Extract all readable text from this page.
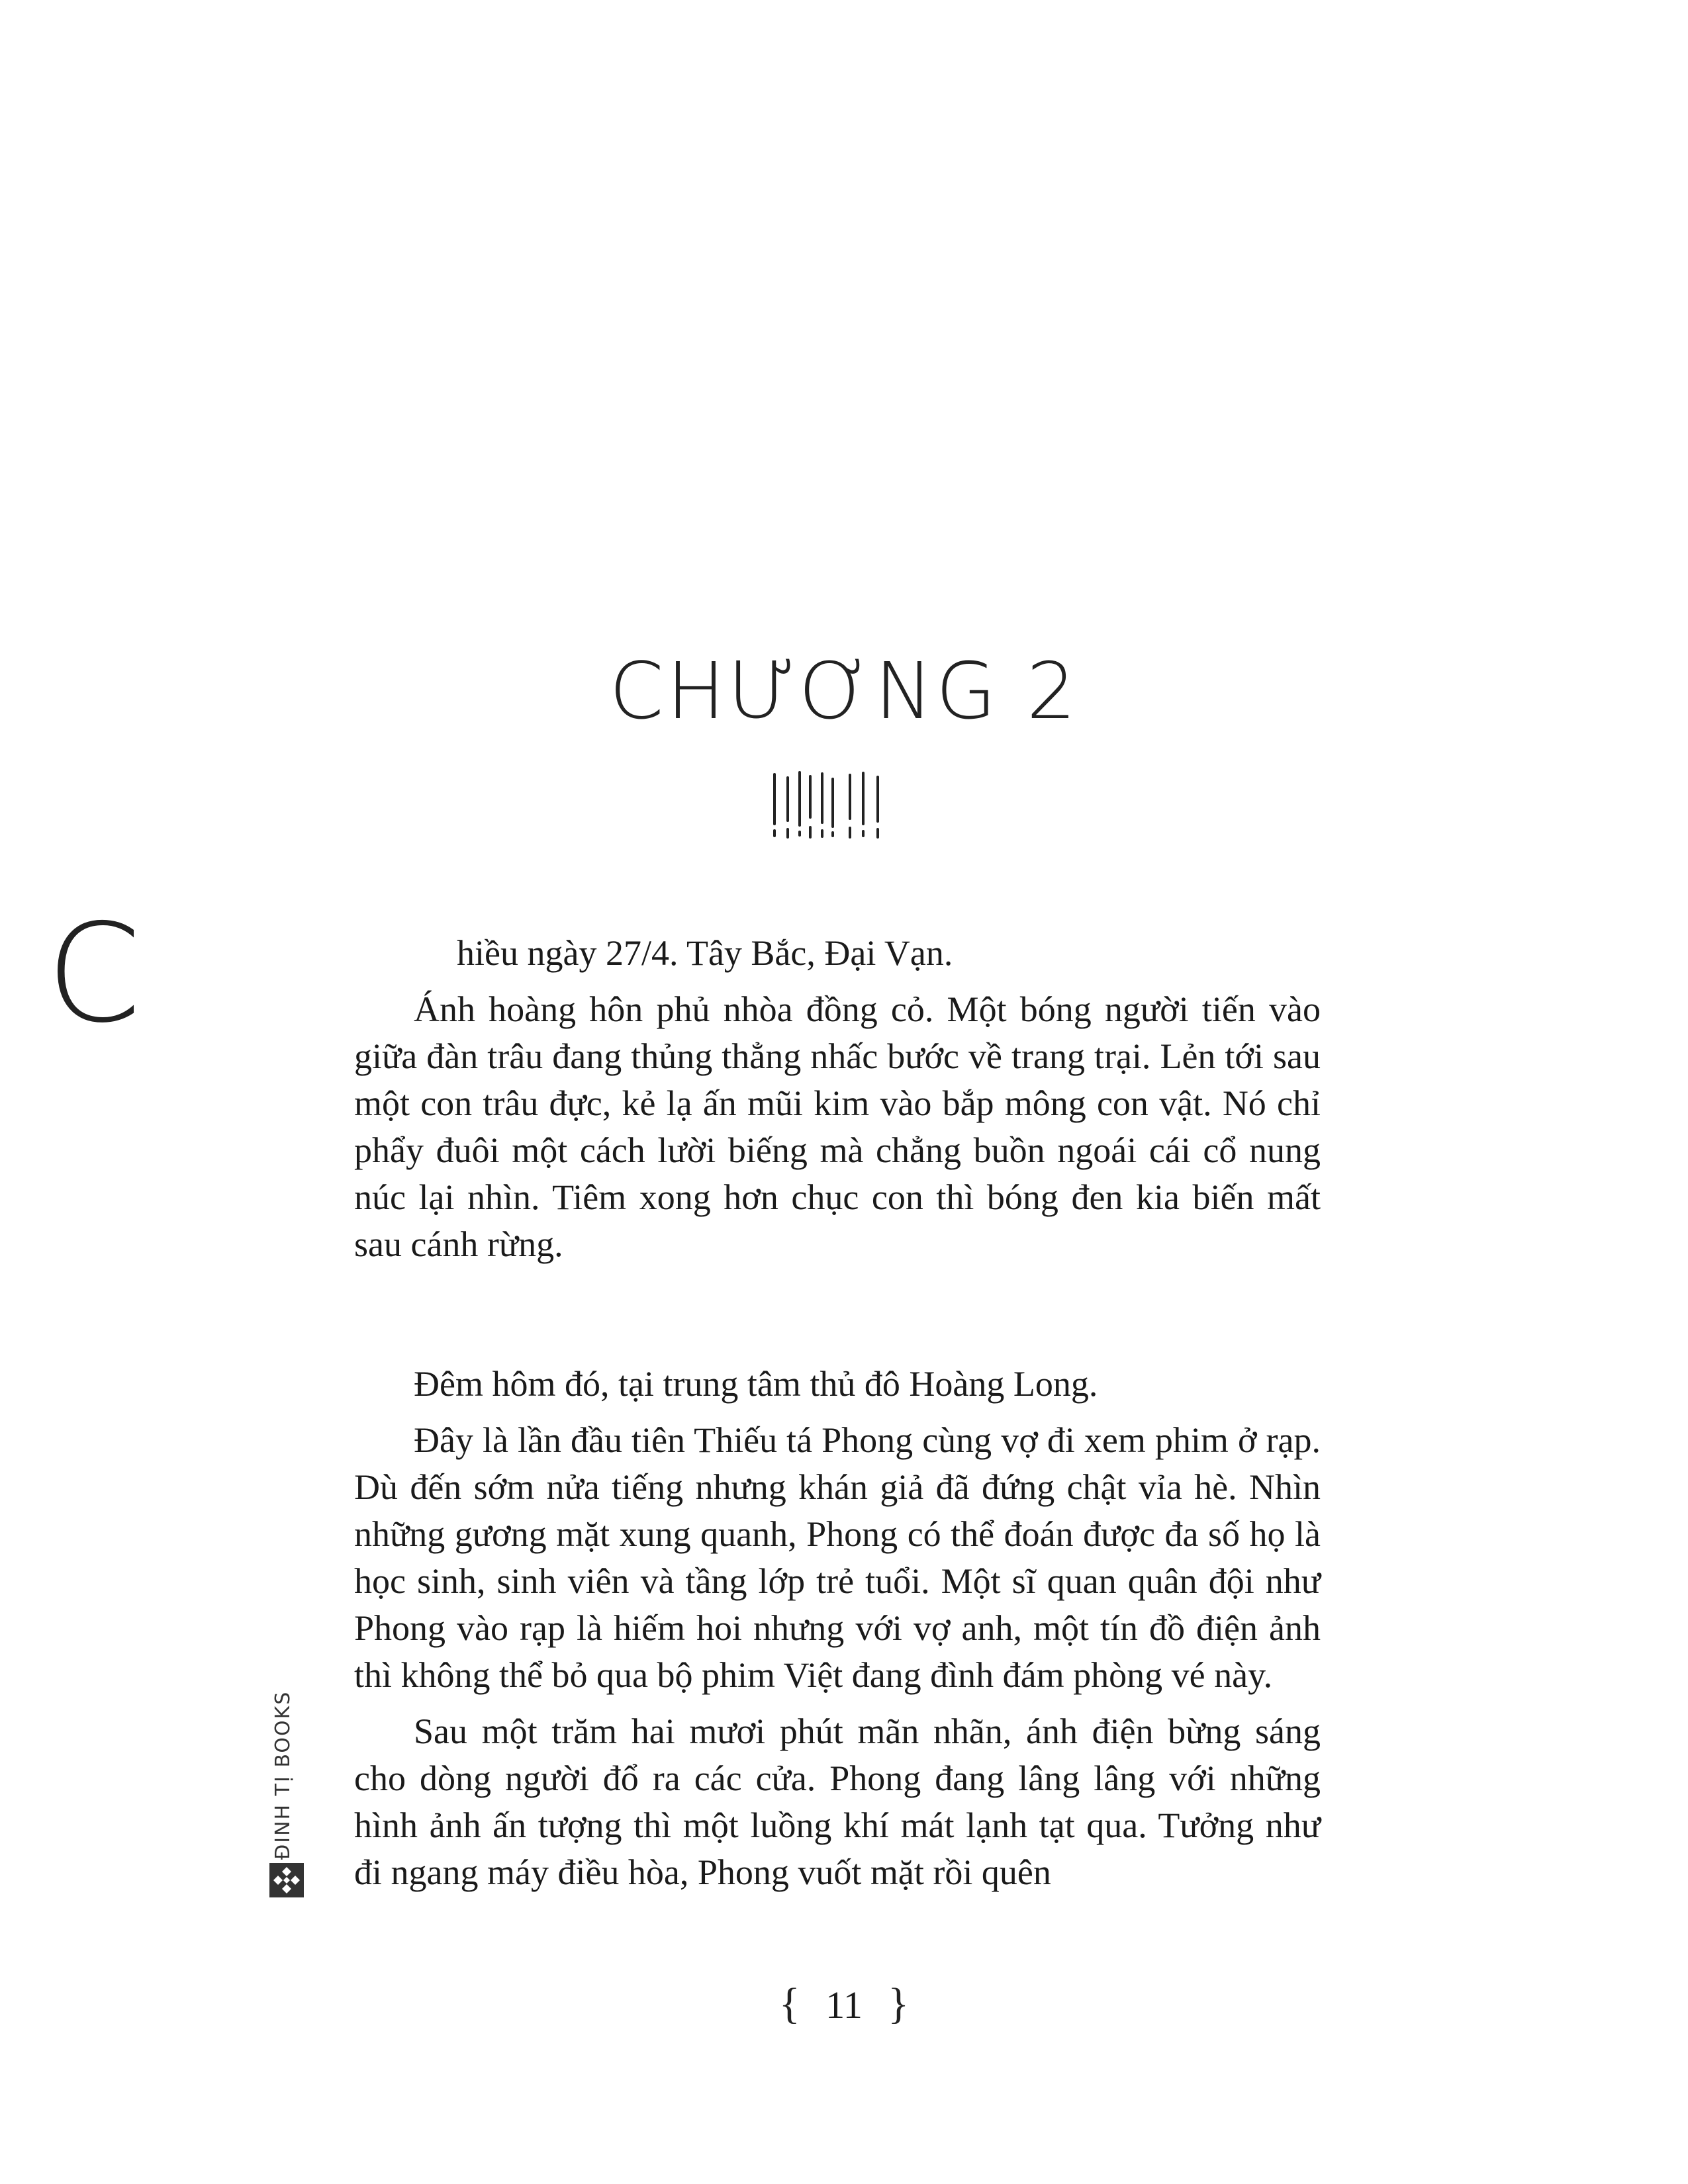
CHƯƠNG 2
C	hiều ngày 27/4. Tây Bắc, Đại Vạn.

Ánh hoàng hôn phủ nhòa đồng cỏ. Một bóng người tiến vào giữa đàn trâu đang thủng thẳng nhấc bước về trang trại. Lẻn tới sau một con trâu đực, kẻ lạ ấn mũi kim vào bắp mông con vật. Nó chỉ phẩy đuôi một cách lười biếng mà chẳng buồn ngoái cái cổ nung núc lại nhìn. Tiêm xong hơn chục con thì bóng đen kia biến mất sau cánh rừng.

Đêm hôm đó, tại trung tâm thủ đô Hoàng Long.

Đây là lần đầu tiên Thiếu tá Phong cùng vợ đi xem phim ở rạp. Dù đến sớm nửa tiếng nhưng khán giả đã đứng chật vỉa hè. Nhìn những gương mặt xung quanh, Phong có thể đoán được đa số họ là học sinh, sinh viên và tầng lớp trẻ tuổi. Một sĩ quan quân đội như Phong vào rạp là hiếm hoi nhưng với vợ anh, một tín đồ điện ảnh thì không thể bỏ qua bộ phim Việt đang đình đám phòng vé này.

Sau một trăm hai mươi phút mãn nhãn, ánh điện bừng sáng cho dòng người đổ ra các cửa. Phong đang lâng lâng với những hình ảnh ấn tượng thì một luồng khí mát lạnh tạt qua. Tưởng như đi ngang máy điều hòa, Phong vuốt mặt rồi quên

ĐINH TỊ BOOKS
{ 11 }
